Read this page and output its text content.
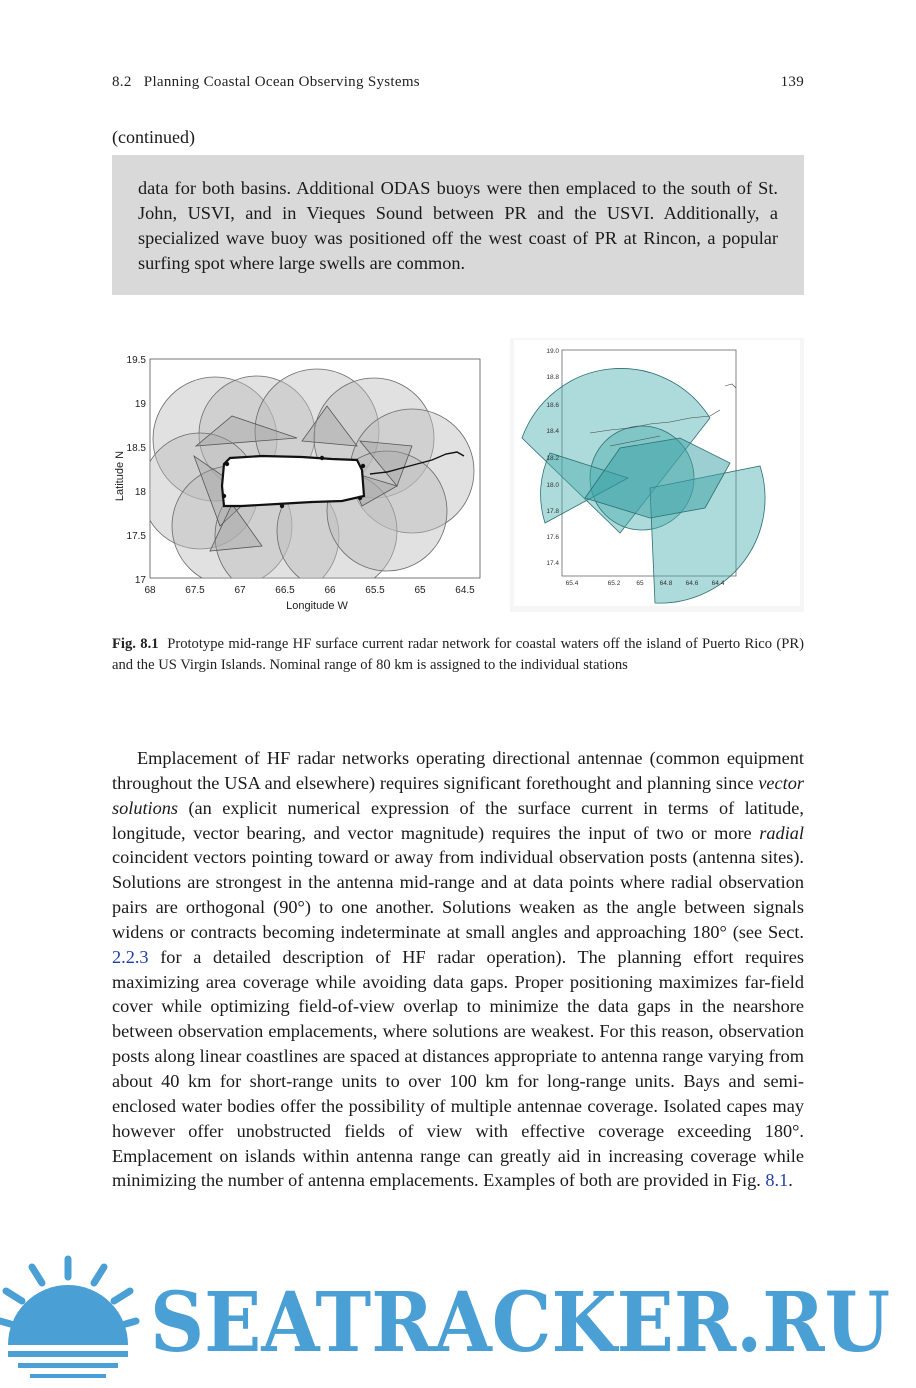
8.2   Planning Coastal Ocean Observing Systems	139
(continued)

data for both basins. Additional ODAS buoys were then emplaced to the south of St. John, USVI, and in Vieques Sound between PR and the USVI. Additionally, a specialized wave buoy was positioned off the west coast of PR at Rincon, a popular surfing spot where large swells are common.

19.5
19
18.5
18
17.5
17
68	67.5	67	66.5	66	65.5	65	64.5
Longitude W
Latitude N
19.0
18.8
18.6
18.4
18.2
18.0
17.8
17.6
17.4
65.4	65.2 65 64.8 64.6 64.4
Fig. 8.1 Prototype mid-range HF surface current radar network for coastal waters off the island of Puerto Rico (PR) and the US Virgin Islands. Nominal range of 80 km is assigned to the individual stations

Emplacement of HF radar networks operating directional antennae (common equipment throughout the USA and elsewhere) requires significant forethought and planning since vector solutions (an explicit numerical expression of the surface current in terms of latitude, longitude, vector bearing, and vector magnitude) requires the input of two or more radial coincident vectors pointing toward or away from individual observation posts (antenna sites). Solutions are strongest in the antenna mid-range and at data points where radial observation pairs are orthogonal (90°) to one another. Solutions weaken as the angle between signals widens or contracts becoming indeterminate at small angles and approaching 180° (see Sect. 2.2.3 for a detailed description of HF radar operation). The planning effort requires maximizing area coverage while avoiding data gaps. Proper positioning maximizes far-field cover while optimizing field-of-view overlap to minimize the data gaps in the nearshore between observation emplacements, where solutions are weakest. For this reason, observation posts along linear coastlines are spaced at distances appropriate to antenna range varying from about 40 km for short-range units to over 100 km for long-range units. Bays and semi-enclosed water bodies offer the possibility of multiple antennae coverage. Isolated capes may however offer unobstructed fields of view with effective coverage exceeding 180°. Emplacement on islands within antenna range can greatly aid in increasing coverage while minimizing the number of antenna emplacements. Examples of both are provided in Fig. 8.1.

SEATRACKER.RU
